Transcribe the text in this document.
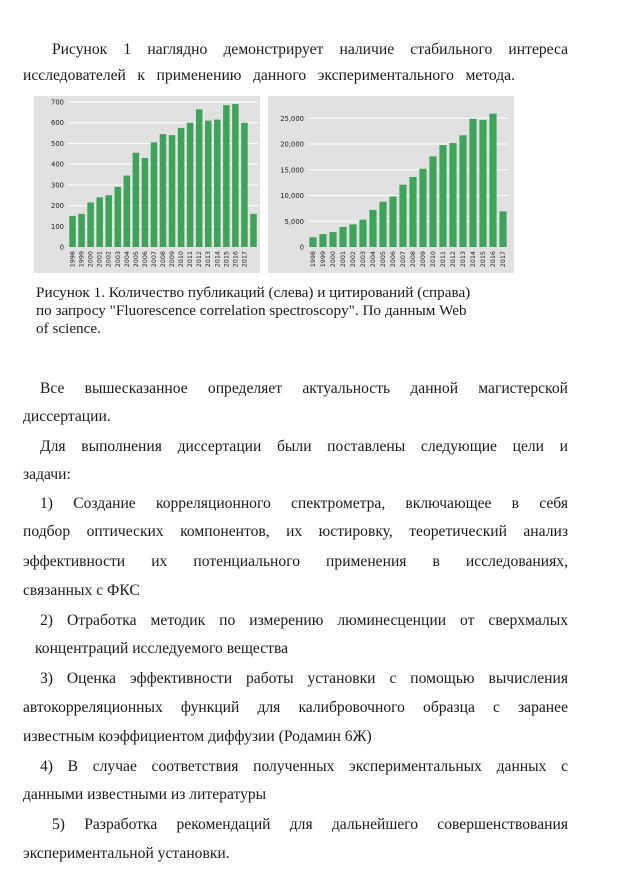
Рисунок 1 наглядно демонстрирует наличие стабильного интереса
исследователей к применению данного экспериментального метода.
0
100
200
300
400
500
600
700
1998 1999 2000 2001 2002 2003 2004 2005 2006 2007 2008 2009 2010 2011 2012 2013 2014 2015 2016 2017
0
5,000
10,000
15,000
20,000
25,000
1998 1999 2000 2001 2002 2003 2004 2005 2006 2007 2008 2009 2010 2011 2012 2013 2014 2015 2016 2017
Рисунок 1. Количество публикаций (слева) и цитирований (справа)
по запросу "Fluorescence correlation spectroscopy". По данным Web
of science.
Все вышесказанное определяет актуальность данной магистерской
диссертации.
Для выполнения диссертации были поставлены следующие цели и
задачи:
1) Создание корреляционного спектрометра, включающее в себя
подбор оптических компонентов, их юстировку, теоретический анализ
эффективности их потенциального применения в исследованиях,
связанных с ФКС
2) Отработка методик по измерению люминесценции от сверхмалых
концентраций исследуемого вещества
3) Оценка эффективности работы установки с помощью вычисления
автокорреляционных функций для калибровочного образца с заранее
известным коэффициентом диффузии (Родамин 6Ж)
4) В случае соответствия полученных экспериментальных данных с
данными известными из литературы
5) Разработка рекомендаций для дальнейшего совершенствования
экспериментальной установки.
